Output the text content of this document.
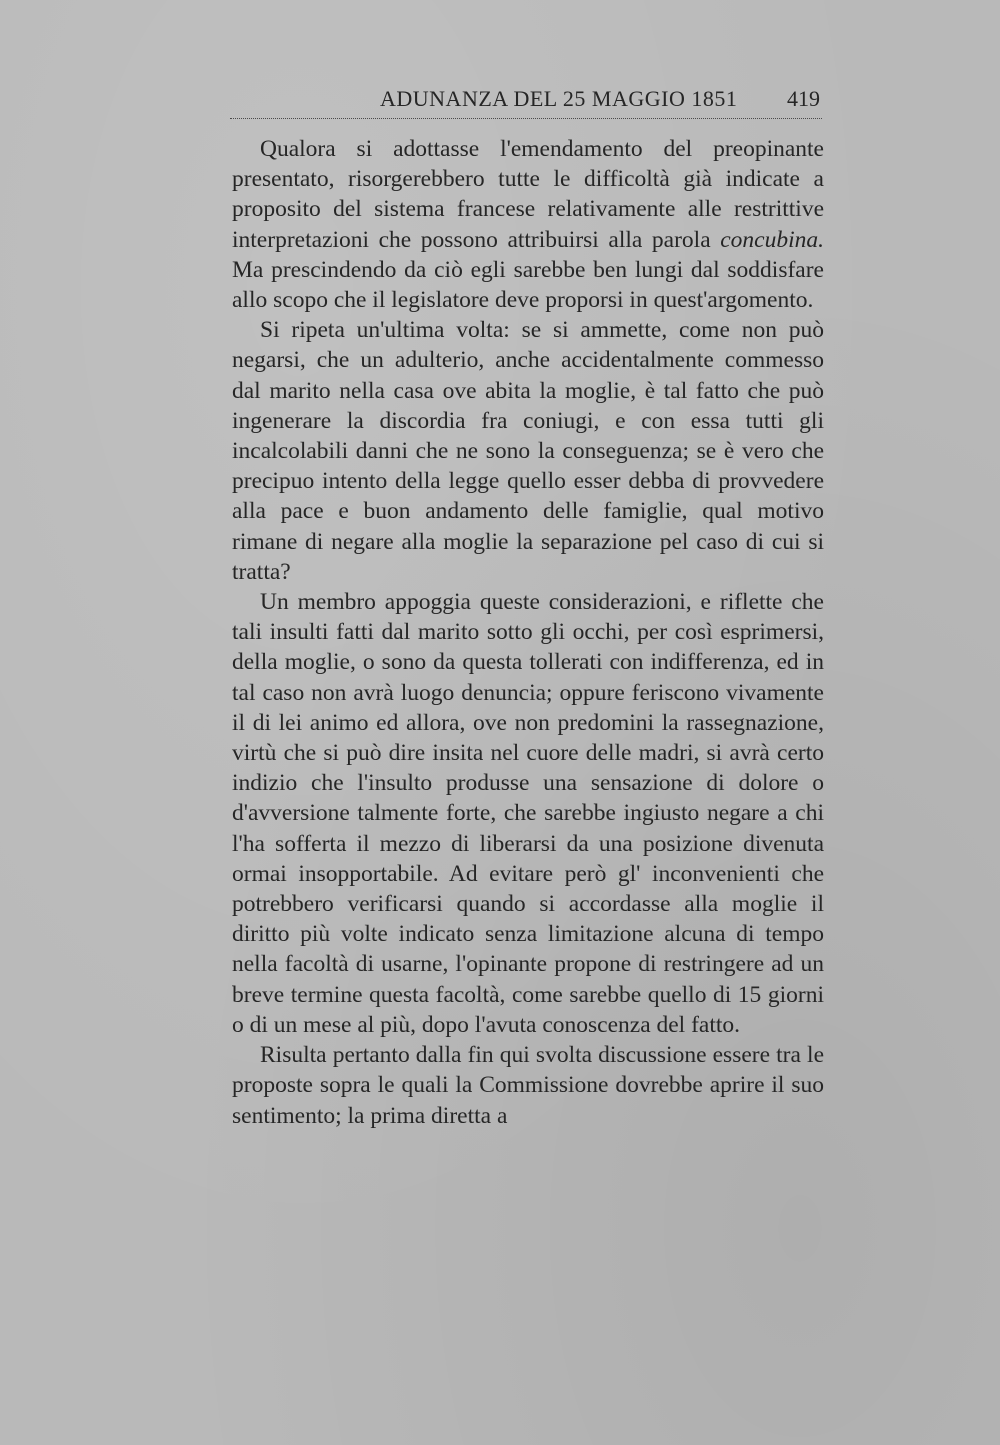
ADUNANZA DEL 25 MAGGIO 1851 419

Qualora si adottasse l'emendamento del preopinante presentato, risorgerebbero tutte le difficoltà già indicate a proposito del sistema francese relativamente alle restrittive interpretazioni che possono attribuirsi alla parola concubina. Ma prescindendo da ciò egli sarebbe ben lungi dal soddisfare allo scopo che il legislatore deve proporsi in quest'argomento.

Si ripeta un'ultima volta: se si ammette, come non può negarsi, che un adulterio, anche accidentalmente commesso dal marito nella casa ove abita la moglie, è tal fatto che può ingenerare la discordia fra coniugi, e con essa tutti gli incalcolabili danni che ne sono la conseguenza; se è vero che precipuo intento della legge quello esser debba di provvedere alla pace e buon andamento delle famiglie, qual motivo rimane di negare alla moglie la separazione pel caso di cui si tratta?

Un membro appoggia queste considerazioni, e riflette che tali insulti fatti dal marito sotto gli occhi, per così esprimersi, della moglie, o sono da questa tollerati con indifferenza, ed in tal caso non avrà luogo denuncia; oppure feriscono vivamente il di lei animo ed allora, ove non predomini la rassegnazione, virtù che si può dire insita nel cuore delle madri, si avrà certo indizio che l'insulto produsse una sensazione di dolore o d'avversione talmente forte, che sarebbe ingiusto negare a chi l'ha sofferta il mezzo di liberarsi da una posizione divenuta ormai insopportabile. Ad evitare però gl' inconvenienti che potrebbero verificarsi quando si accordasse alla moglie il diritto più volte indicato senza limitazione alcuna di tempo nella facoltà di usarne, l'opinante propone di restringere ad un breve termine questa facoltà, come sarebbe quello di 15 giorni o di un mese al più, dopo l'avuta conoscenza del fatto.

Risulta pertanto dalla fin qui svolta discussione essere tra le proposte sopra le quali la Commissione dovrebbe aprire il suo sentimento; la prima diretta a
